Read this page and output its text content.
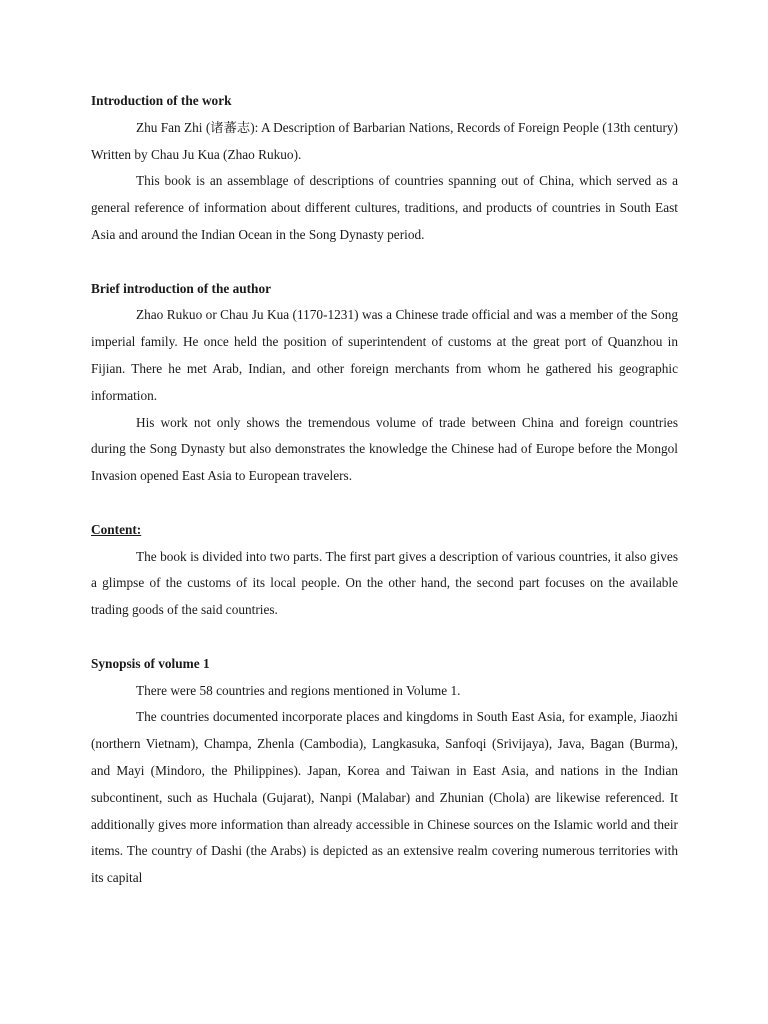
Introduction of the work

Zhu Fan Zhi (诸蕃志): A Description of Barbarian Nations, Records of Foreign People (13th century) Written by Chau Ju Kua (Zhao Rukuo).

This book is an assemblage of descriptions of countries spanning out of China, which served as a general reference of information about different cultures, traditions, and products of countries in South East Asia and around the Indian Ocean in the Song Dynasty period.

Brief introduction of the author

Zhao Rukuo or Chau Ju Kua (1170-1231) was a Chinese trade official and was a member of the Song imperial family. He once held the position of superintendent of customs at the great port of Quanzhou in Fijian. There he met Arab, Indian, and other foreign merchants from whom he gathered his geographic information.

His work not only shows the tremendous volume of trade between China and foreign countries during the Song Dynasty but also demonstrates the knowledge the Chinese had of Europe before the Mongol Invasion opened East Asia to European travelers.

Content:

The book is divided into two parts. The first part gives a description of various countries, it also gives a glimpse of the customs of its local people. On the other hand, the second part focuses on the available trading goods of the said countries.

Synopsis of volume 1

There were 58 countries and regions mentioned in Volume 1.

The countries documented incorporate places and kingdoms in South East Asia, for example, Jiaozhi (northern Vietnam), Champa, Zhenla (Cambodia), Langkasuka, Sanfoqi (Srivijaya), Java, Bagan (Burma), and Mayi (Mindoro, the Philippines). Japan, Korea and Taiwan in East Asia, and nations in the Indian subcontinent, such as Huchala (Gujarat), Nanpi (Malabar) and Zhunian (Chola) are likewise referenced. It additionally gives more information than already accessible in Chinese sources on the Islamic world and their items. The country of Dashi (the Arabs) is depicted as an extensive realm covering numerous territories with its capital
